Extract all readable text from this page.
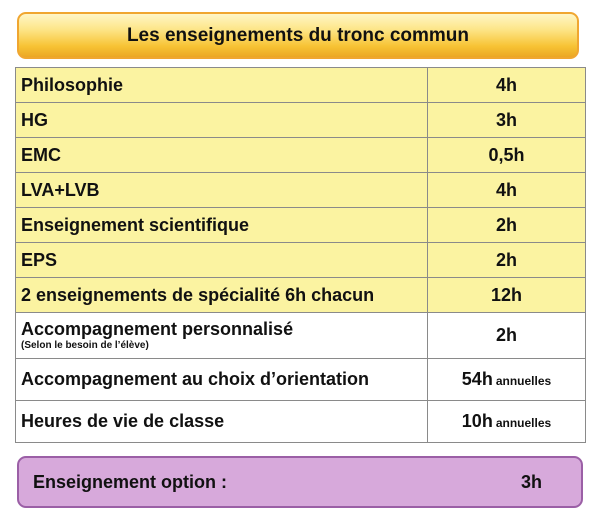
Les enseignements du tronc commun
Philosophie	4h
HG	3h
EMC	0,5h
LVA+LVB	4h
Enseignement scientifique	2h
EPS	2h
2 enseignements de spécialité 6h chacun	12h

Accompagnement personnalisé
(Selon le besoin de l’élève)	2h
Accompagnement au choix d’orientation	54h annuelles
Heures de vie de classe	10h annuelles
Enseignement option :	3h
